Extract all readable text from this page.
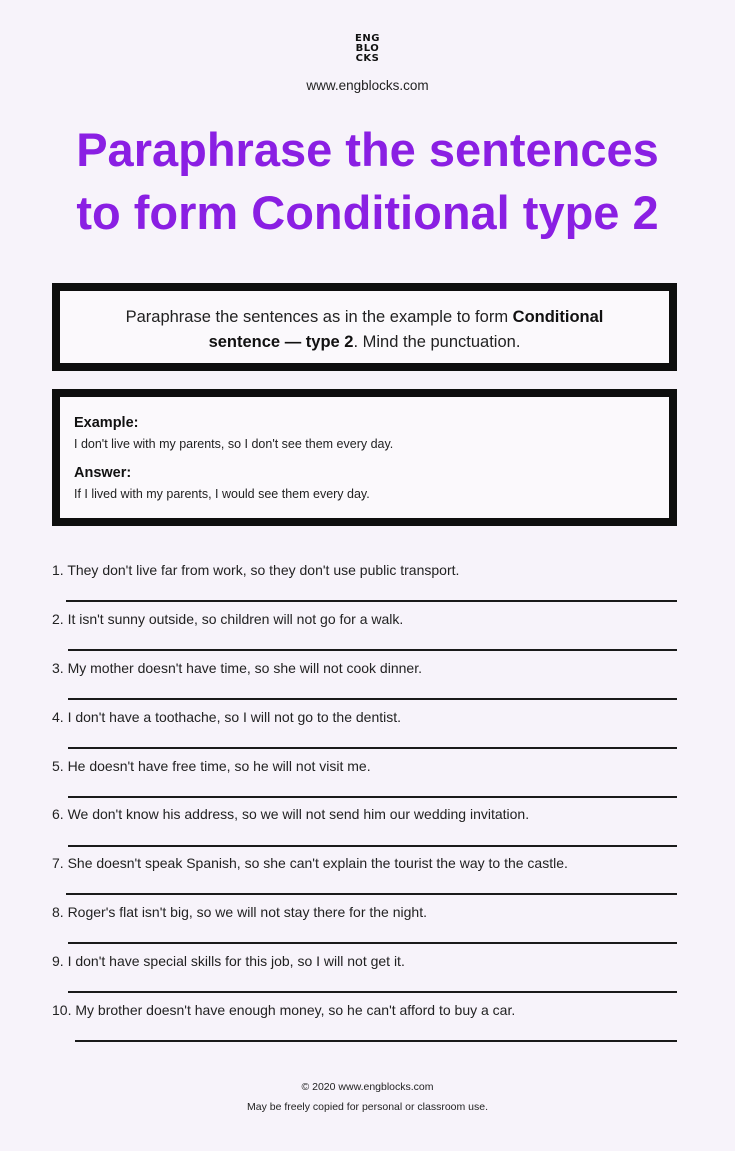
ENG
BLO
CKS
www.engblocks.com
Paraphrase the sentences
to form Conditional type 2
Paraphrase the sentences as in the example to form Conditional sentence — type 2. Mind the punctuation.
Example:
I don't live with my parents, so I don't see them every day.
Answer:
If I lived with my parents, I would see them every day.
1. They don't live far from work, so they don't use public transport.
2. It isn't sunny outside, so children will not go for a walk.
3. My mother doesn't have time, so she will not cook dinner.
4. I don't have a toothache, so I will not go to the dentist.
5. He doesn't have free time, so he will not visit me.
6. We don't know his address, so we will not send him our wedding invitation.
7. She doesn't speak Spanish, so she can't explain the tourist the way to the castle.
8. Roger's flat isn't big, so we will not stay there for the night.
9. I don't have special skills for this job, so I will not get it.
10. My brother doesn't have enough money, so he can't afford to buy a car.
© 2020 www.engblocks.com
May be freely copied for personal or classroom use.
